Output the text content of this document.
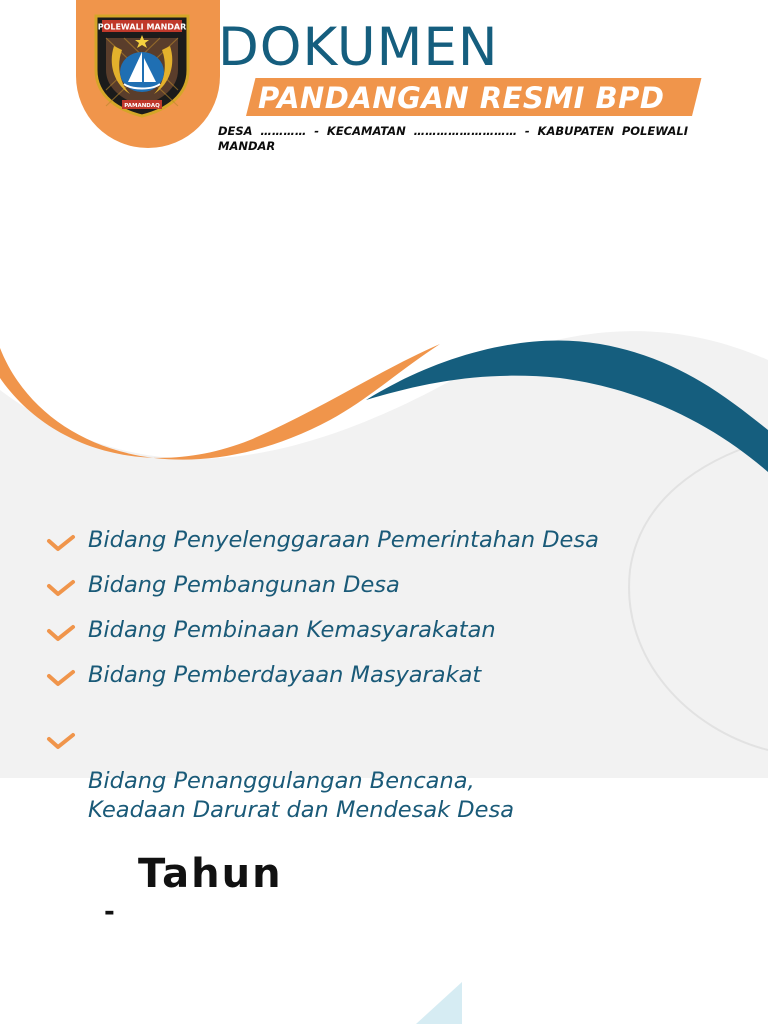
POLEWALI MANDAR
PAMANDAQ
DOKUMEN
PANDANGAN RESMI BPD
DESA ………… - KECAMATAN ……………………… - KABUPATEN POLEWALI MANDAR
Bidang Penyelenggaraan Pemerintahan Desa
Bidang Pembangunan Desa
Bidang Pembinaan Kemasyarakatan
Bidang Pemberdayaan Masyarakat

Bidang Penanggulangan Bencana,
Keadaan Darurat dan Mendesak Desa

Tahun
-
